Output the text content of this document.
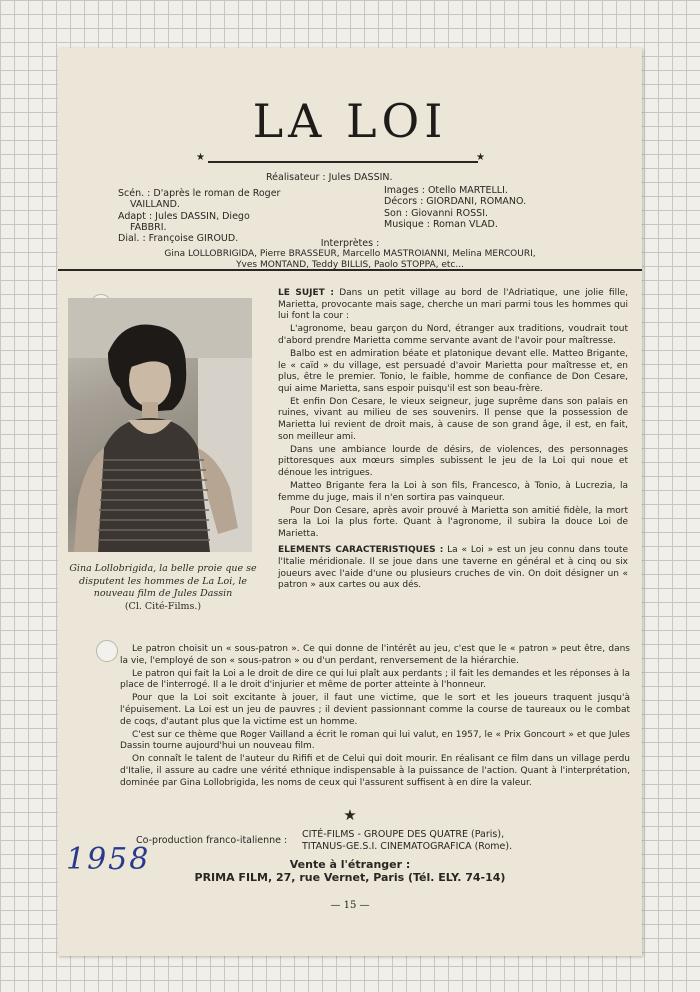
LA LOI
★	★
Réalisateur : Jules DASSIN.
Scén. : D'après le roman de Roger
VAILLAND.
Adapt : Jules DASSIN, Diego
FABBRI.
Dial. : Françoise GIROUD.
Images : Otello MARTELLI.
Décors : GIORDANI, ROMANO.
Son : Giovanni ROSSI.
Musique : Roman VLAD.
Interprètes :
Gina LOLLOBRIGIDA, Pierre BRASSEUR, Marcello MASTROIANNI, Melina MERCOURI,
Yves MONTAND, Teddy BILLIS, Paolo STOPPA, etc...
Gina Lollobrigida, la belle proie que se disputent les hommes de La Loi, le nouveau film de Jules Dassin
(Cl. Cité-Films.)

LE SUJET : Dans un petit village au bord de l'Adriatique, une jolie fille, Marietta, provocante mais sage, cherche un mari parmi tous les hommes qui lui font la cour :

L'agronome, beau garçon du Nord, étranger aux traditions, voudrait tout d'abord prendre Marietta comme servante avant de l'avoir pour maîtresse.

Balbo est en admiration béate et platonique devant elle. Matteo Brigante, le « caïd » du village, est persuadé d'avoir Marietta pour maîtresse et, en plus, être le premier. Tonio, le faible, homme de confiance de Don Cesare, qui aime Marietta, sans espoir puisqu'il est son beau-frère.

Et enfin Don Cesare, le vieux seigneur, juge suprême dans son palais en ruines, vivant au milieu de ses souvenirs. Il pense que la possession de Marietta lui revient de droit mais, à cause de son grand âge, il est, en fait, son meilleur ami.

Dans une ambiance lourde de désirs, de violences, des personnages pittoresques aux mœurs simples subissent le jeu de la Loi qui noue et dénoue les intrigues.

Matteo Brigante fera la Loi à son fils, Francesco, à Tonio, à Lucrezia, la femme du juge, mais il n'en sortira pas vainqueur.

Pour Don Cesare, après avoir prouvé à Marietta son amitié fidèle, la mort sera la Loi la plus forte. Quant à l'agronome, il subira la douce Loi de Marietta.

ELEMENTS CARACTERISTIQUES : La « Loi » est un jeu connu dans toute l'Italie méridionale. Il se joue dans une taverne en général et à cinq ou six joueurs avec l'aide d'une ou plusieurs cruches de vin. On doit désigner un « patron » aux cartes ou aux dés.

Le patron choisit un « sous-patron ». Ce qui donne de l'intérêt au jeu, c'est que le « patron » peut être, dans la vie, l'employé de son « sous-patron » ou d'un perdant, renversement de la hiérarchie.

Le patron qui fait la Loi a le droit de dire ce qui lui plaît aux perdants ; il fait les demandes et les réponses à la place de l'interrogé. Il a le droit d'injurier et même de porter atteinte à l'honneur.

Pour que la Loi soit excitante à jouer, il faut une victime, que le sort et les joueurs traquent jusqu'à l'épuisement. La Loi est un jeu de pauvres ; il devient passionnant comme la course de taureaux ou le combat de coqs, d'autant plus que la victime est un homme.

C'est sur ce thème que Roger Vailland a écrit le roman qui lui valut, en 1957, le « Prix Goncourt » et que Jules Dassin tourne aujourd'hui un nouveau film.

On connaît le talent de l'auteur du Rififi et de Celui qui doit mourir. En réalisant ce film dans un village perdu d'Italie, il assure au cadre une vérité ethnique indispensable à la puissance de l'action. Quant à l'interprétation, dominée par Gina Lollobrigida, les noms de ceux qui l'assurent suffisent à en dire la valeur.

★
Co-production franco-italienne :
CITÉ-FILMS - GROUPE DES QUATRE (Paris),
TITANUS-GE.S.I. CINEMATOGRAFICA (Rome).
Vente à l'étranger :
PRIMA FILM, 27, rue Vernet, Paris (Tél. ELY. 74-14)
— 15 —
1958
